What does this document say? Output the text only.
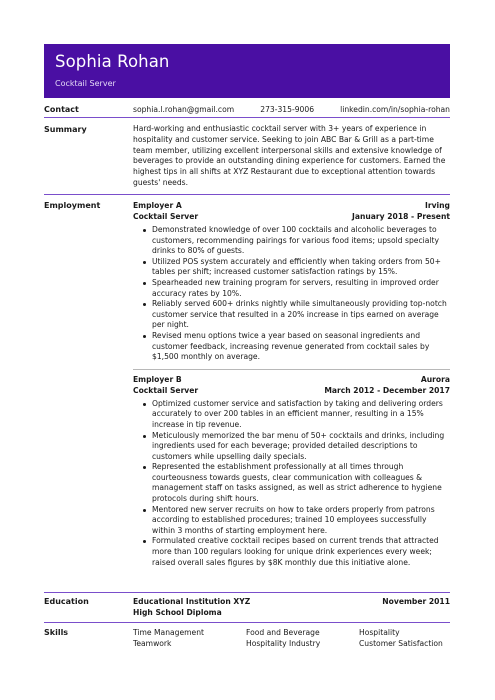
Sophia Rohan
Cocktail Server
Contact	sophia.l.rohan@gmail.com	273-315-9006	linkedin.com/in/sophia-rohan
Summary	Hard-working and enthusiastic cocktail server with 3+ years of experience in hospitality and customer service. Seeking to join ABC Bar & Grill as a part-time team member, utilizing excellent interpersonal skills and extensive knowledge of beverages to provide an outstanding dining experience for customers. Earned the highest tips in all shifts at XYZ Restaurant due to exceptional attention towards guests' needs.
Employment	Employer A	Irving
Cocktail Server	January 2018 - Present
Demonstrated knowledge of over 100 cocktails and alcoholic beverages to customers, recommending pairings for various food items; upsold specialty drinks to 80% of guests.
Utilized POS system accurately and efficiently when taking orders from 50+ tables per shift; increased customer satisfaction ratings by 15%.
Spearheaded new training program for servers, resulting in improved order accuracy rates by 10%.
Reliably served 600+ drinks nightly while simultaneously providing top-notch customer service that resulted in a 20% increase in tips earned on average per night.
Revised menu options twice a year based on seasonal ingredients and customer feedback, increasing revenue generated from cocktail sales by $1,500 monthly on average.
Employer B	Aurora
Cocktail Server	March 2012 - December 2017
Optimized customer service and satisfaction by taking and delivering orders accurately to over 200 tables in an efficient manner, resulting in a 15% increase in tip revenue.
Meticulously memorized the bar menu of 50+ cocktails and drinks, including ingredients used for each beverage; provided detailed descriptions to customers while upselling daily specials.
Represented the establishment professionally at all times through courteousness towards guests, clear communication with colleagues & management staff on tasks assigned, as well as strict adherence to hygiene protocols during shift hours.
Mentored new server recruits on how to take orders properly from patrons according to established procedures; trained 10 employees successfully within 3 months of starting employment here.
Formulated creative cocktail recipes based on current trends that attracted more than 100 regulars looking for unique drink experiences every week; raised overall sales figures by $8K monthly due this initiative alone.
Education	Educational Institution XYZ	November 2011
High School Diploma
Skills	Time Management	Food and Beverage	Hospitality
Teamwork	Hospitality Industry	Customer Satisfaction
